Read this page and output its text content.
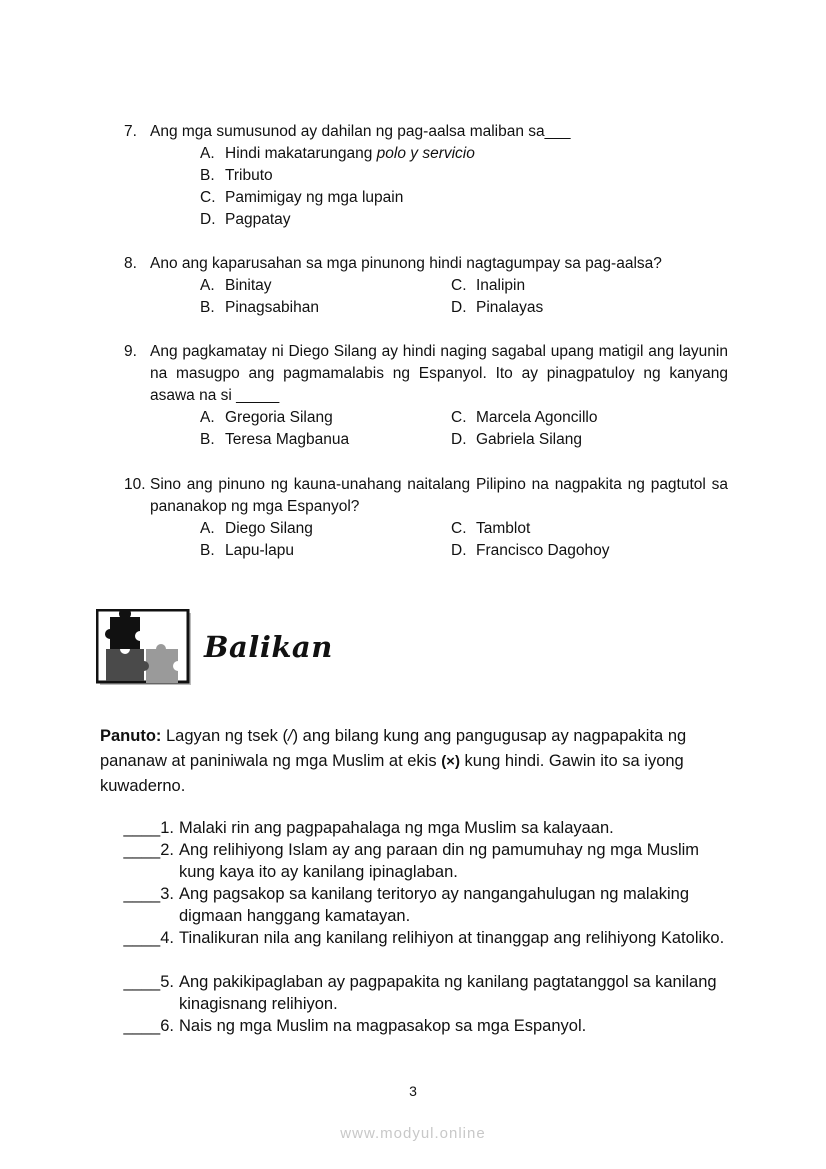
7. Ang mga sumusunod ay dahilan ng pag-aalsa maliban sa___
A. Hindi makatarungang polo y servicio
B. Tributo
C. Pamimigay ng mga lupain
D. Pagpatay
8. Ano ang kaparusahan sa mga pinunong hindi nagtagumpay sa pag-aalsa?
A. Binitay
B. Pinagsabihan
C. Inalipin
D. Pinalayas
9. Ang pagkamatay ni Diego Silang ay hindi naging sagabal upang matigil ang layunin na masugpo ang pagmamalabis ng Espanyol. Ito ay pinagpatuloy ng kanyang asawa na si _____
A. Gregoria Silang
B. Teresa Magbanua
C. Marcela Agoncillo
D. Gabriela Silang
10. Sino ang pinuno ng kauna-unahang naitalang Pilipino na nagpakita ng pagtutol sa pananakop ng mga Espanyol?
A. Diego Silang
B. Lapu-lapu
C. Tamblot
D. Francisco Dagohoy
Balikan
Panuto: Lagyan ng tsek (/) ang bilang kung ang pangugusap ay nagpapakita ng pananaw at paniniwala ng mga Muslim at ekis (×) kung hindi. Gawin ito sa iyong kuwaderno.
____1. Malaki rin ang pagpapahalaga ng mga Muslim sa kalayaan.
____2. Ang relihiyong Islam ay ang paraan din ng pamumuhay ng mga Muslim kung kaya ito ay kanilang ipinaglaban.
____3. Ang pagsakop sa kanilang teritoryo ay nangangahulugan ng malaking digmaan hanggang kamatayan.
____4. Tinalikuran nila ang kanilang relihiyon at tinanggap ang relihiyong Katoliko.
____5. Ang pakikipaglaban ay pagpapakita ng kanilang pagtatanggol sa kanilang kinagisnang relihiyon.
____6. Nais ng mga Muslim na magpasakop sa mga Espanyol.
3
www.modyul.online
